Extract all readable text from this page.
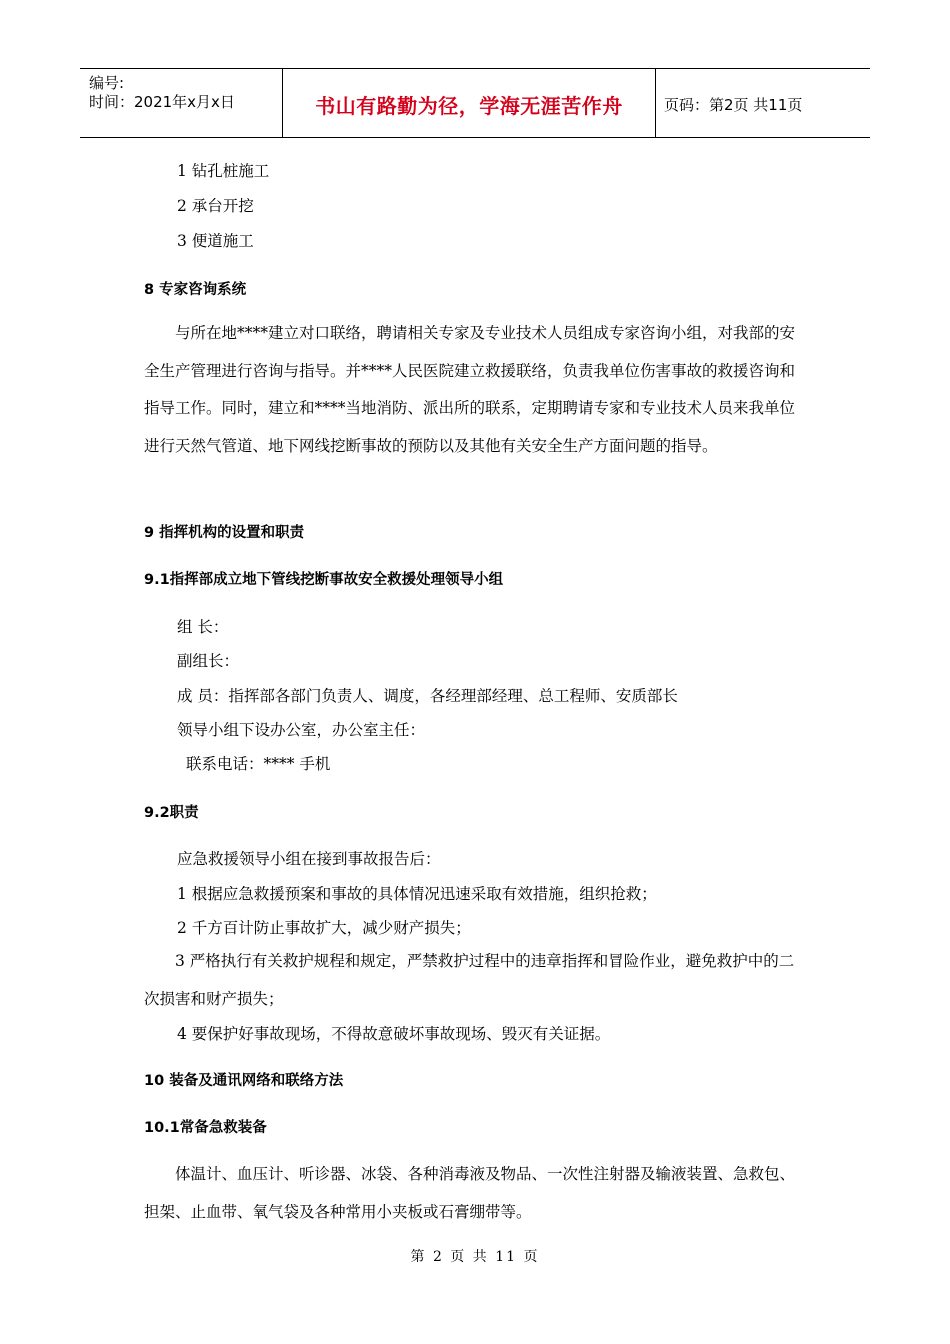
编号:
时间：2021年x月x日	书山有路勤为径，学海无涯苦作舟	页码：第2页 共11页
1 钻孔桩施工
2 承台开挖
3 便道施工
8 专家咨询系统
与所在地****建立对口联络，聘请相关专家及专业技术人员组成专家咨询小组，对我部的安全生产管理进行咨询与指导。并****人民医院建立救援联络，负责我单位伤害事故的救援咨询和指导工作。同时，建立和****当地消防、派出所的联系，定期聘请专家和专业技术人员来我单位进行天然气管道、地下网线挖断事故的预防以及其他有关安全生产方面问题的指导。
9 指挥机构的设置和职责
9.1指挥部成立地下管线挖断事故安全救援处理领导小组
组 长：
副组长：
成 员：指挥部各部门负责人、调度，各经理部经理、总工程师、安质部长
领导小组下设办公室，办公室主任：
联系电话：**** 手机
9.2职责
应急救援领导小组在接到事故报告后：
1 根据应急救援预案和事故的具体情况迅速采取有效措施，组织抢救；
2 千方百计防止事故扩大，减少财产损失；
3 严格执行有关救护规程和规定，严禁救护过程中的违章指挥和冒险作业，避免救护中的二次损害和财产损失；
4 要保护好事故现场，不得故意破坏事故现场、毁灭有关证据。
10 装备及通讯网络和联络方法
10.1常备急救装备
体温计、血压计、听诊器、冰袋、各种消毒液及物品、一次性注射器及输液装置、急救包、担架、止血带、氧气袋及各种常用小夹板或石膏绷带等。
第 2 页 共 11 页
